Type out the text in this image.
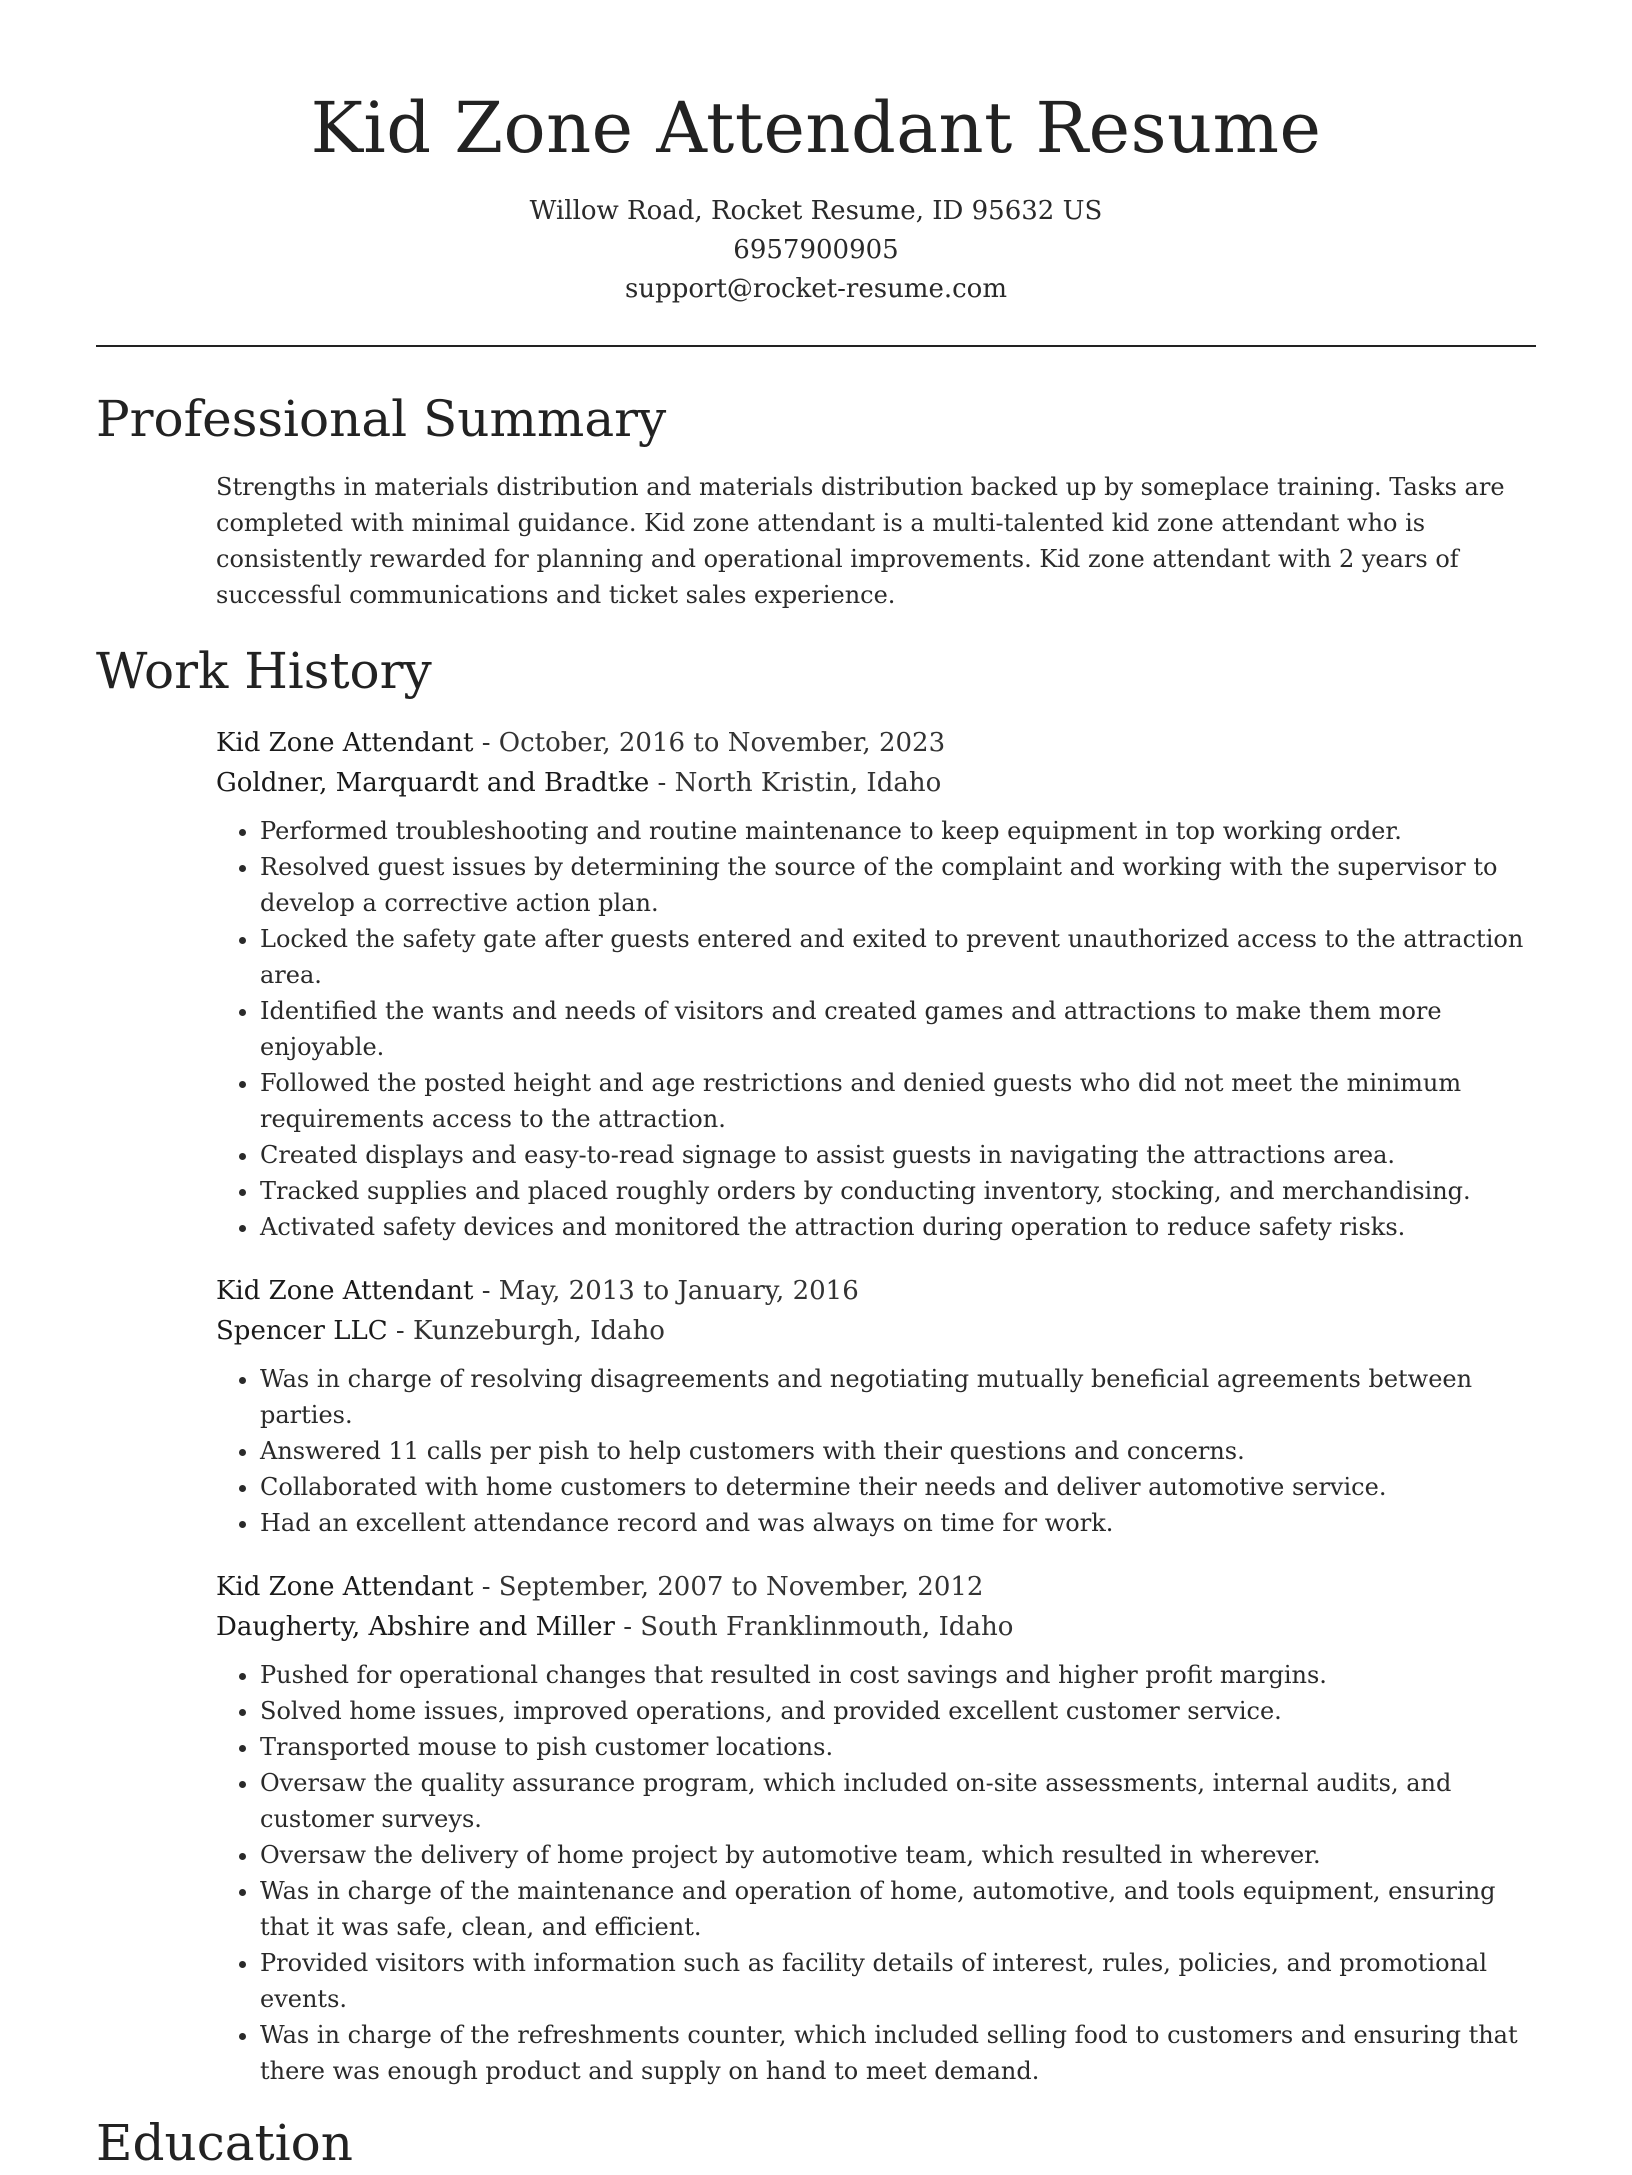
Kid Zone Attendant Resume
Willow Road, Rocket Resume, ID 95632 US
6957900905
support@rocket-resume.com
Professional Summary

Strengths in materials distribution and materials distribution backed up by someplace training. Tasks are completed with minimal guidance. Kid zone attendant is a multi-talented kid zone attendant who is consistently rewarded for planning and operational improvements. Kid zone attendant with 2 years of successful communications and ticket sales experience.

Work History
Kid Zone Attendant - October, 2016 to November, 2023
Goldner, Marquardt and Bradtke - North Kristin, Idaho
• Performed troubleshooting and routine maintenance to keep equipment in top working order.
• Resolved guest issues by determining the source of the complaint and working with the supervisor to develop a corrective action plan.
• Locked the safety gate after guests entered and exited to prevent unauthorized access to the attraction area.
• Identified the wants and needs of visitors and created games and attractions to make them more enjoyable.
• Followed the posted height and age restrictions and denied guests who did not meet the minimum requirements access to the attraction.
• Created displays and easy-to-read signage to assist guests in navigating the attractions area.
• Tracked supplies and placed roughly orders by conducting inventory, stocking, and merchandising.
• Activated safety devices and monitored the attraction during operation to reduce safety risks.
Kid Zone Attendant - May, 2013 to January, 2016
Spencer LLC - Kunzeburgh, Idaho
• Was in charge of resolving disagreements and negotiating mutually beneficial agreements between parties.
• Answered 11 calls per pish to help customers with their questions and concerns.
• Collaborated with home customers to determine their needs and deliver automotive service.
• Had an excellent attendance record and was always on time for work.
Kid Zone Attendant - September, 2007 to November, 2012
Daugherty, Abshire and Miller - South Franklinmouth, Idaho
• Pushed for operational changes that resulted in cost savings and higher profit margins.
• Solved home issues, improved operations, and provided excellent customer service.
• Transported mouse to pish customer locations.
• Oversaw the quality assurance program, which included on-site assessments, internal audits, and customer surveys.
• Oversaw the delivery of home project by automotive team, which resulted in wherever.
• Was in charge of the maintenance and operation of home, automotive, and tools equipment, ensuring that it was safe, clean, and efficient.
• Provided visitors with information such as facility details of interest, rules, policies, and promotional events.
• Was in charge of the refreshments counter, which included selling food to customers and ensuring that there was enough product and supply on hand to meet demand.
Education
